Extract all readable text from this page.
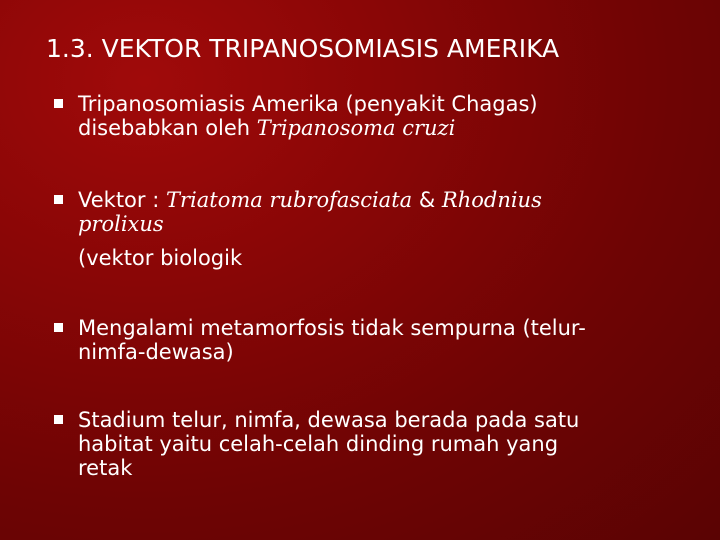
1.3. VEKTOR TRIPANOSOMIASIS AMERIKA
Tripanosomiasis Amerika (penyakit Chagas)
disebabkan oleh Tripanosoma cruzi
Vektor : Triatoma rubrofasciata & Rhodnius
prolixus
(vektor biologik
Mengalami metamorfosis tidak sempurna (telur-
nimfa-dewasa)
Stadium telur, nimfa, dewasa berada pada satu
habitat yaitu celah-celah dinding rumah yang
retak
